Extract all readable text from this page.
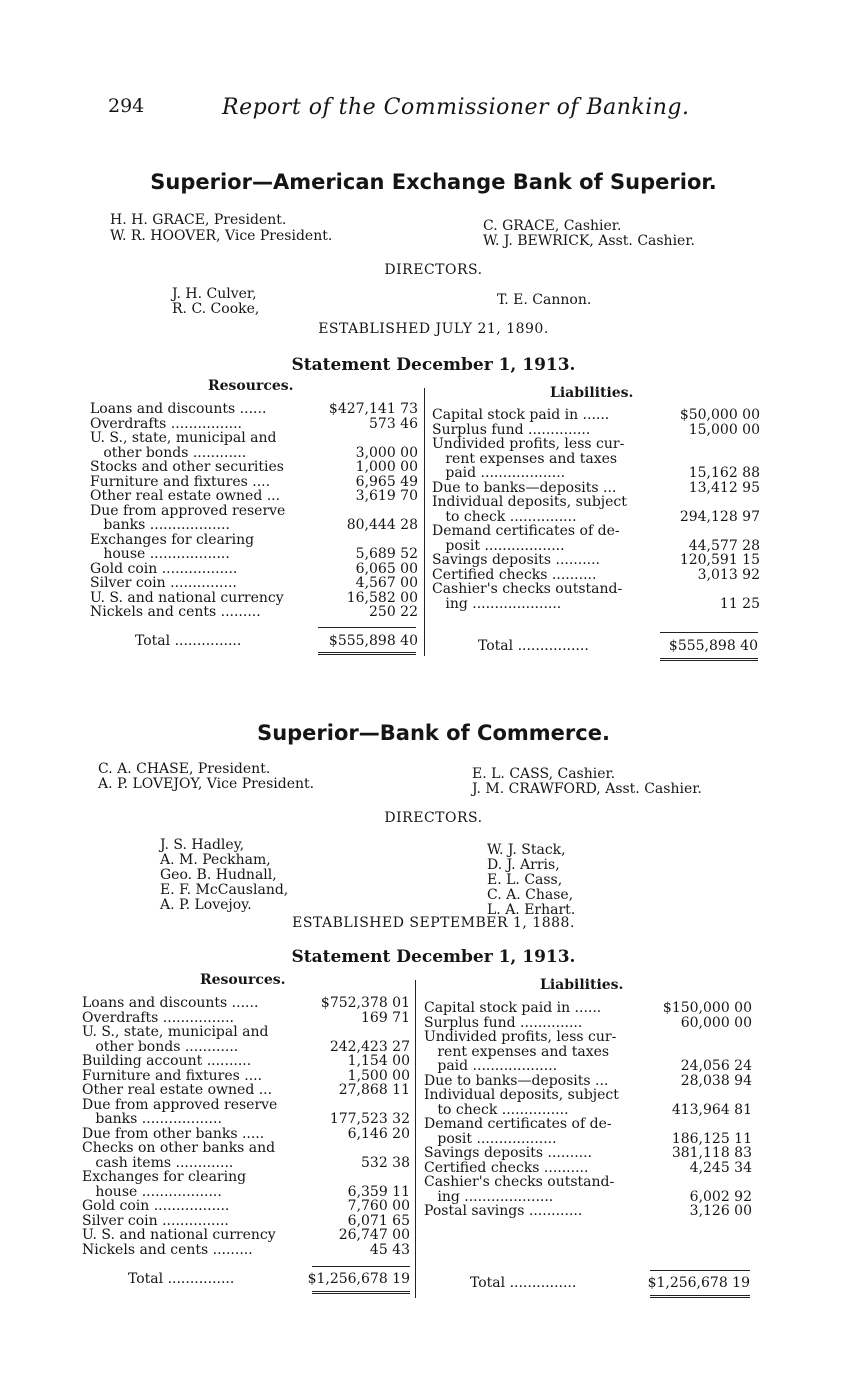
294	Report of the Commissioner of Banking.
Superior—American Exchange Bank of Superior.
H. H. GRACE, President.
W. R. HOOVER, Vice President.
C. GRACE, Cashier.
W. J. BEWRICK, Asst. Cashier.
DIRECTORS.
J. H. Culver,
R. C. Cooke,
T. E. Cannon.
ESTABLISHED JULY 21, 1890.
Statement December 1, 1913.
Resources.	Liabilities.
Loans and discounts ......	$427,141 73
Overdrafts ................	573 46
U. S., state, municipal and
other bonds ............	3,000 00
Stocks and other securities	1,000 00
Furniture and fixtures ....	6,965 49
Other real estate owned ...	3,619 70
Due from approved reserve
banks ..................	80,444 28
Exchanges for clearing
house ..................	5,689 52
Gold coin .................	6,065 00
Silver coin ...............	4,567 00
U. S. and national currency	16,582 00
Nickels and cents .........	250 22
Capital stock paid in ......	$50,000 00
Surplus fund ..............	15,000 00
Undivided profits, less cur-
rent expenses and taxes
paid ...................	15,162 88
Due to banks—deposits ...	13,412 95
Individual deposits, subject
to check ...............	294,128 97
Demand certificates of de-
posit ..................	44,577 28
Savings deposits ..........	120,591 15
Certified checks ..........	3,013 92
Cashier's checks outstand-
ing ....................	11 25
Total ...............	$555,898 40	Total ................	$555,898 40
Superior—Bank of Commerce.
C. A. CHASE, President.
A. P. LOVEJOY, Vice President.
E. L. CASS, Cashier.
J. M. CRAWFORD, Asst. Cashier.
DIRECTORS.
J. S. Hadley,
A. M. Peckham,
Geo. B. Hudnall,
E. F. McCausland,
A. P. Lovejoy.
W. J. Stack,
D. J. Arris,
E. L. Cass,
C. A. Chase,
L. A. Erhart.
ESTABLISHED SEPTEMBER 1, 1888.
Statement December 1, 1913.
Resources.	Liabilities.
Loans and discounts ......	$752,378 01
Overdrafts ................	169 71
U. S., state, municipal and
other bonds ............	242,423 27
Building account ..........	1,154 00
Furniture and fixtures ....	1,500 00
Other real estate owned ...	27,868 11
Due from approved reserve
banks ..................	177,523 32
Due from other banks .....	6,146 20
Checks on other banks and
cash items .............	532 38
Exchanges for clearing
house ..................	6,359 11
Gold coin .................	7,760 00
Silver coin ...............	6,071 65
U. S. and national currency	26,747 00
Nickels and cents .........	45 43
Capital stock paid in ......	$150,000 00
Surplus fund ..............	60,000 00
Undivided profits, less cur-
rent expenses and taxes
paid ...................	24,056 24
Due to banks—deposits ...	28,038 94
Individual deposits, subject
to check ...............	413,964 81
Demand certificates of de-
posit ..................	186,125 11
Savings deposits ..........	381,118 83
Certified checks ..........	4,245 34
Cashier's checks outstand-
ing ....................	6,002 92
Postal savings ............	3,126 00
Total ...............	$1,256,678 19	Total ...............	$1,256,678 19
